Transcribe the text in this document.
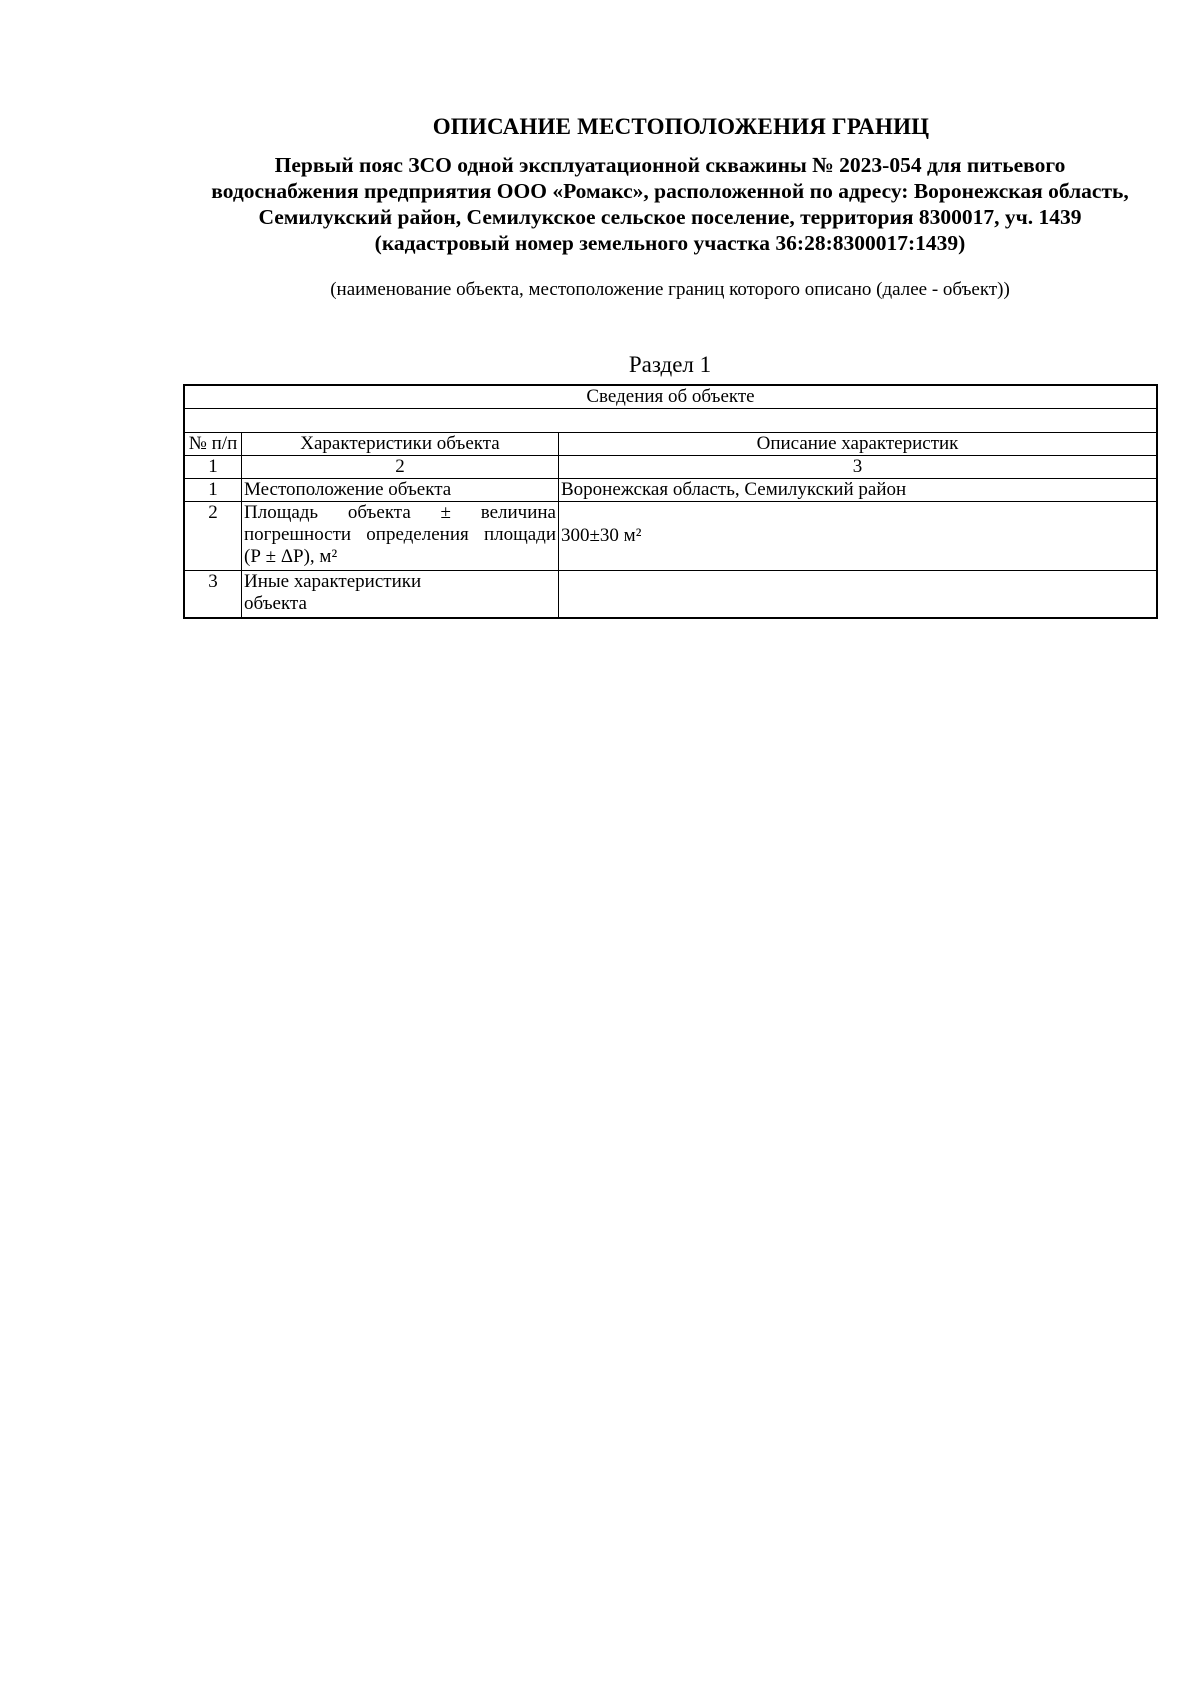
ОПИСАНИЕ МЕСТОПОЛОЖЕНИЯ ГРАНИЦ
Первый пояс ЗСО одной эксплуатационной скважины № 2023-054 для питьевого
водоснабжения предприятия ООО «Ромакс», расположенной по адресу: Воронежская область,
Семилукский район, Семилукское сельское поселение, территория 8300017, уч. 1439
(кадастровый номер земельного участка 36:28:8300017:1439)
(наименование объекта, местоположение границ которого описано (далее - объект))
Раздел 1
Сведения об объекте		

№ п/п	Характеристики объекта	Описание характеристик
1	2	3
1	Местоположение объекта	Воронежская область, Семилукский район
2	Площадь объекта ± величина
погрешности определения площади
(Р ± ΔР), м²	300±30 м²
3	Иные характеристики
объекта	
